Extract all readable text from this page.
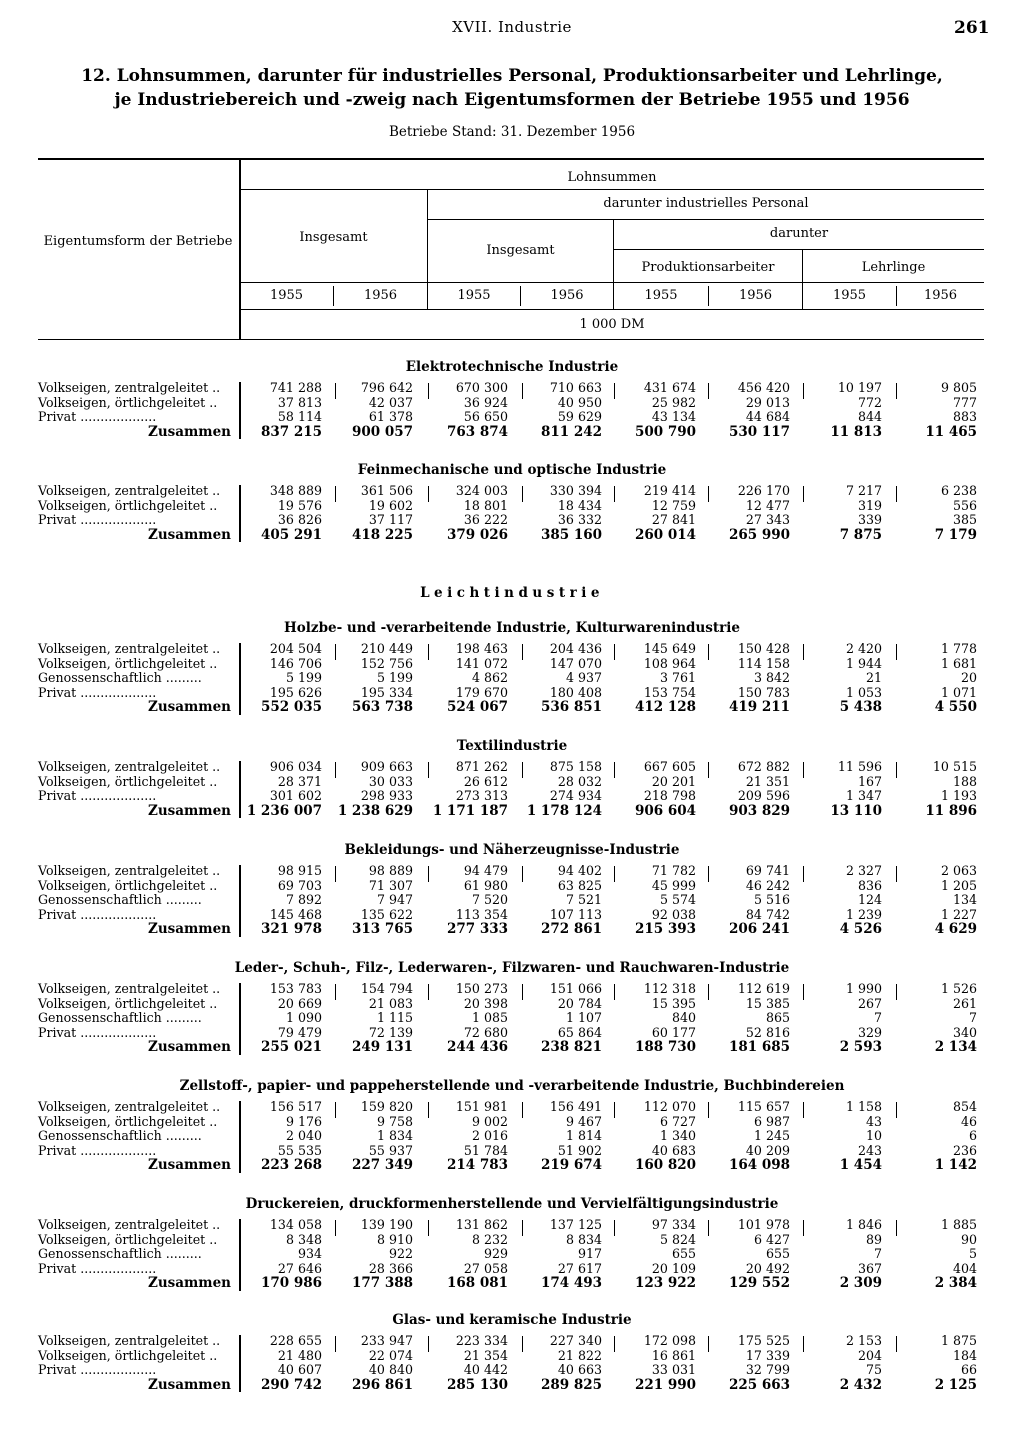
XVII. Industrie	261
12. Lohnsummen, darunter für industrielles Personal, Produktionsarbeiter und Lehrlinge,
je Industriebereich und -zweig nach Eigentumsformen der Betriebe 1955 und 1956
Betriebe Stand: 31. Dezember 1956
Eigentumsform der Betriebe
Lohnsummen
Insgesamt
darunter industrielles Personal
Insgesamt
darunter
Produktionsarbeiter	Lehrlinge
1955	1956	1955	1956	1955	1956	1955	1956
1 000 DM
Elektrotechnische Industrie
Volkseigen, zentralgeleitet ..	741 288	796 642	670 300	710 663	431 674	456 420	10 197	9 805
Volkseigen, örtlichgeleitet ..	37 813	42 037	36 924	40 950	25 982	29 013	772	777
Privat ...................	58 114	61 378	56 650	59 629	43 134	44 684	844	883
Zusammen	837 215	900 057	763 874	811 242	500 790	530 117	11 813	11 465
Feinmechanische und optische Industrie
Volkseigen, zentralgeleitet ..	348 889	361 506	324 003	330 394	219 414	226 170	7 217	6 238
Volkseigen, örtlichgeleitet ..	19 576	19 602	18 801	18 434	12 759	12 477	319	556
Privat ...................	36 826	37 117	36 222	36 332	27 841	27 343	339	385
Zusammen	405 291	418 225	379 026	385 160	260 014	265 990	7 875	7 179
Leichtindustrie
Holzbe- und -verarbeitende Industrie, Kulturwarenindustrie
Volkseigen, zentralgeleitet ..	204 504	210 449	198 463	204 436	145 649	150 428	2 420	1 778
Volkseigen, örtlichgeleitet ..	146 706	152 756	141 072	147 070	108 964	114 158	1 944	1 681
Genossenschaftlich .........	5 199	5 199	4 862	4 937	3 761	3 842	21	20
Privat ...................	195 626	195 334	179 670	180 408	153 754	150 783	1 053	1 071
Zusammen	552 035	563 738	524 067	536 851	412 128	419 211	5 438	4 550
Textilindustrie
Volkseigen, zentralgeleitet ..	906 034	909 663	871 262	875 158	667 605	672 882	11 596	10 515
Volkseigen, örtlichgeleitet ..	28 371	30 033	26 612	28 032	20 201	21 351	167	188
Privat ...................	301 602	298 933	273 313	274 934	218 798	209 596	1 347	1 193
Zusammen	1 236 007	1 238 629	1 171 187	1 178 124	906 604	903 829	13 110	11 896
Bekleidungs- und Näherzeugnisse-Industrie
Volkseigen, zentralgeleitet ..	98 915	98 889	94 479	94 402	71 782	69 741	2 327	2 063
Volkseigen, örtlichgeleitet ..	69 703	71 307	61 980	63 825	45 999	46 242	836	1 205
Genossenschaftlich .........	7 892	7 947	7 520	7 521	5 574	5 516	124	134
Privat ...................	145 468	135 622	113 354	107 113	92 038	84 742	1 239	1 227
Zusammen	321 978	313 765	277 333	272 861	215 393	206 241	4 526	4 629
Leder-, Schuh-, Filz-, Lederwaren-, Filzwaren- und Rauchwaren-Industrie
Volkseigen, zentralgeleitet ..	153 783	154 794	150 273	151 066	112 318	112 619	1 990	1 526
Volkseigen, örtlichgeleitet ..	20 669	21 083	20 398	20 784	15 395	15 385	267	261
Genossenschaftlich .........	1 090	1 115	1 085	1 107	840	865	7	7
Privat ...................	79 479	72 139	72 680	65 864	60 177	52 816	329	340
Zusammen	255 021	249 131	244 436	238 821	188 730	181 685	2 593	2 134
Zellstoff-, papier- und pappeherstellende und -verarbeitende Industrie, Buchbindereien
Volkseigen, zentralgeleitet ..	156 517	159 820	151 981	156 491	112 070	115 657	1 158	854
Volkseigen, örtlichgeleitet ..	9 176	9 758	9 002	9 467	6 727	6 987	43	46
Genossenschaftlich .........	2 040	1 834	2 016	1 814	1 340	1 245	10	6
Privat ...................	55 535	55 937	51 784	51 902	40 683	40 209	243	236
Zusammen	223 268	227 349	214 783	219 674	160 820	164 098	1 454	1 142
Druckereien, druckformenherstellende und Vervielfältigungsindustrie
Volkseigen, zentralgeleitet ..	134 058	139 190	131 862	137 125	97 334	101 978	1 846	1 885
Volkseigen, örtlichgeleitet ..	8 348	8 910	8 232	8 834	5 824	6 427	89	90
Genossenschaftlich .........	934	922	929	917	655	655	7	5
Privat ...................	27 646	28 366	27 058	27 617	20 109	20 492	367	404
Zusammen	170 986	177 388	168 081	174 493	123 922	129 552	2 309	2 384
Glas- und keramische Industrie
Volkseigen, zentralgeleitet ..	228 655	233 947	223 334	227 340	172 098	175 525	2 153	1 875
Volkseigen, örtlichgeleitet ..	21 480	22 074	21 354	21 822	16 861	17 339	204	184
Privat ...................	40 607	40 840	40 442	40 663	33 031	32 799	75	66
Zusammen	290 742	296 861	285 130	289 825	221 990	225 663	2 432	2 125
